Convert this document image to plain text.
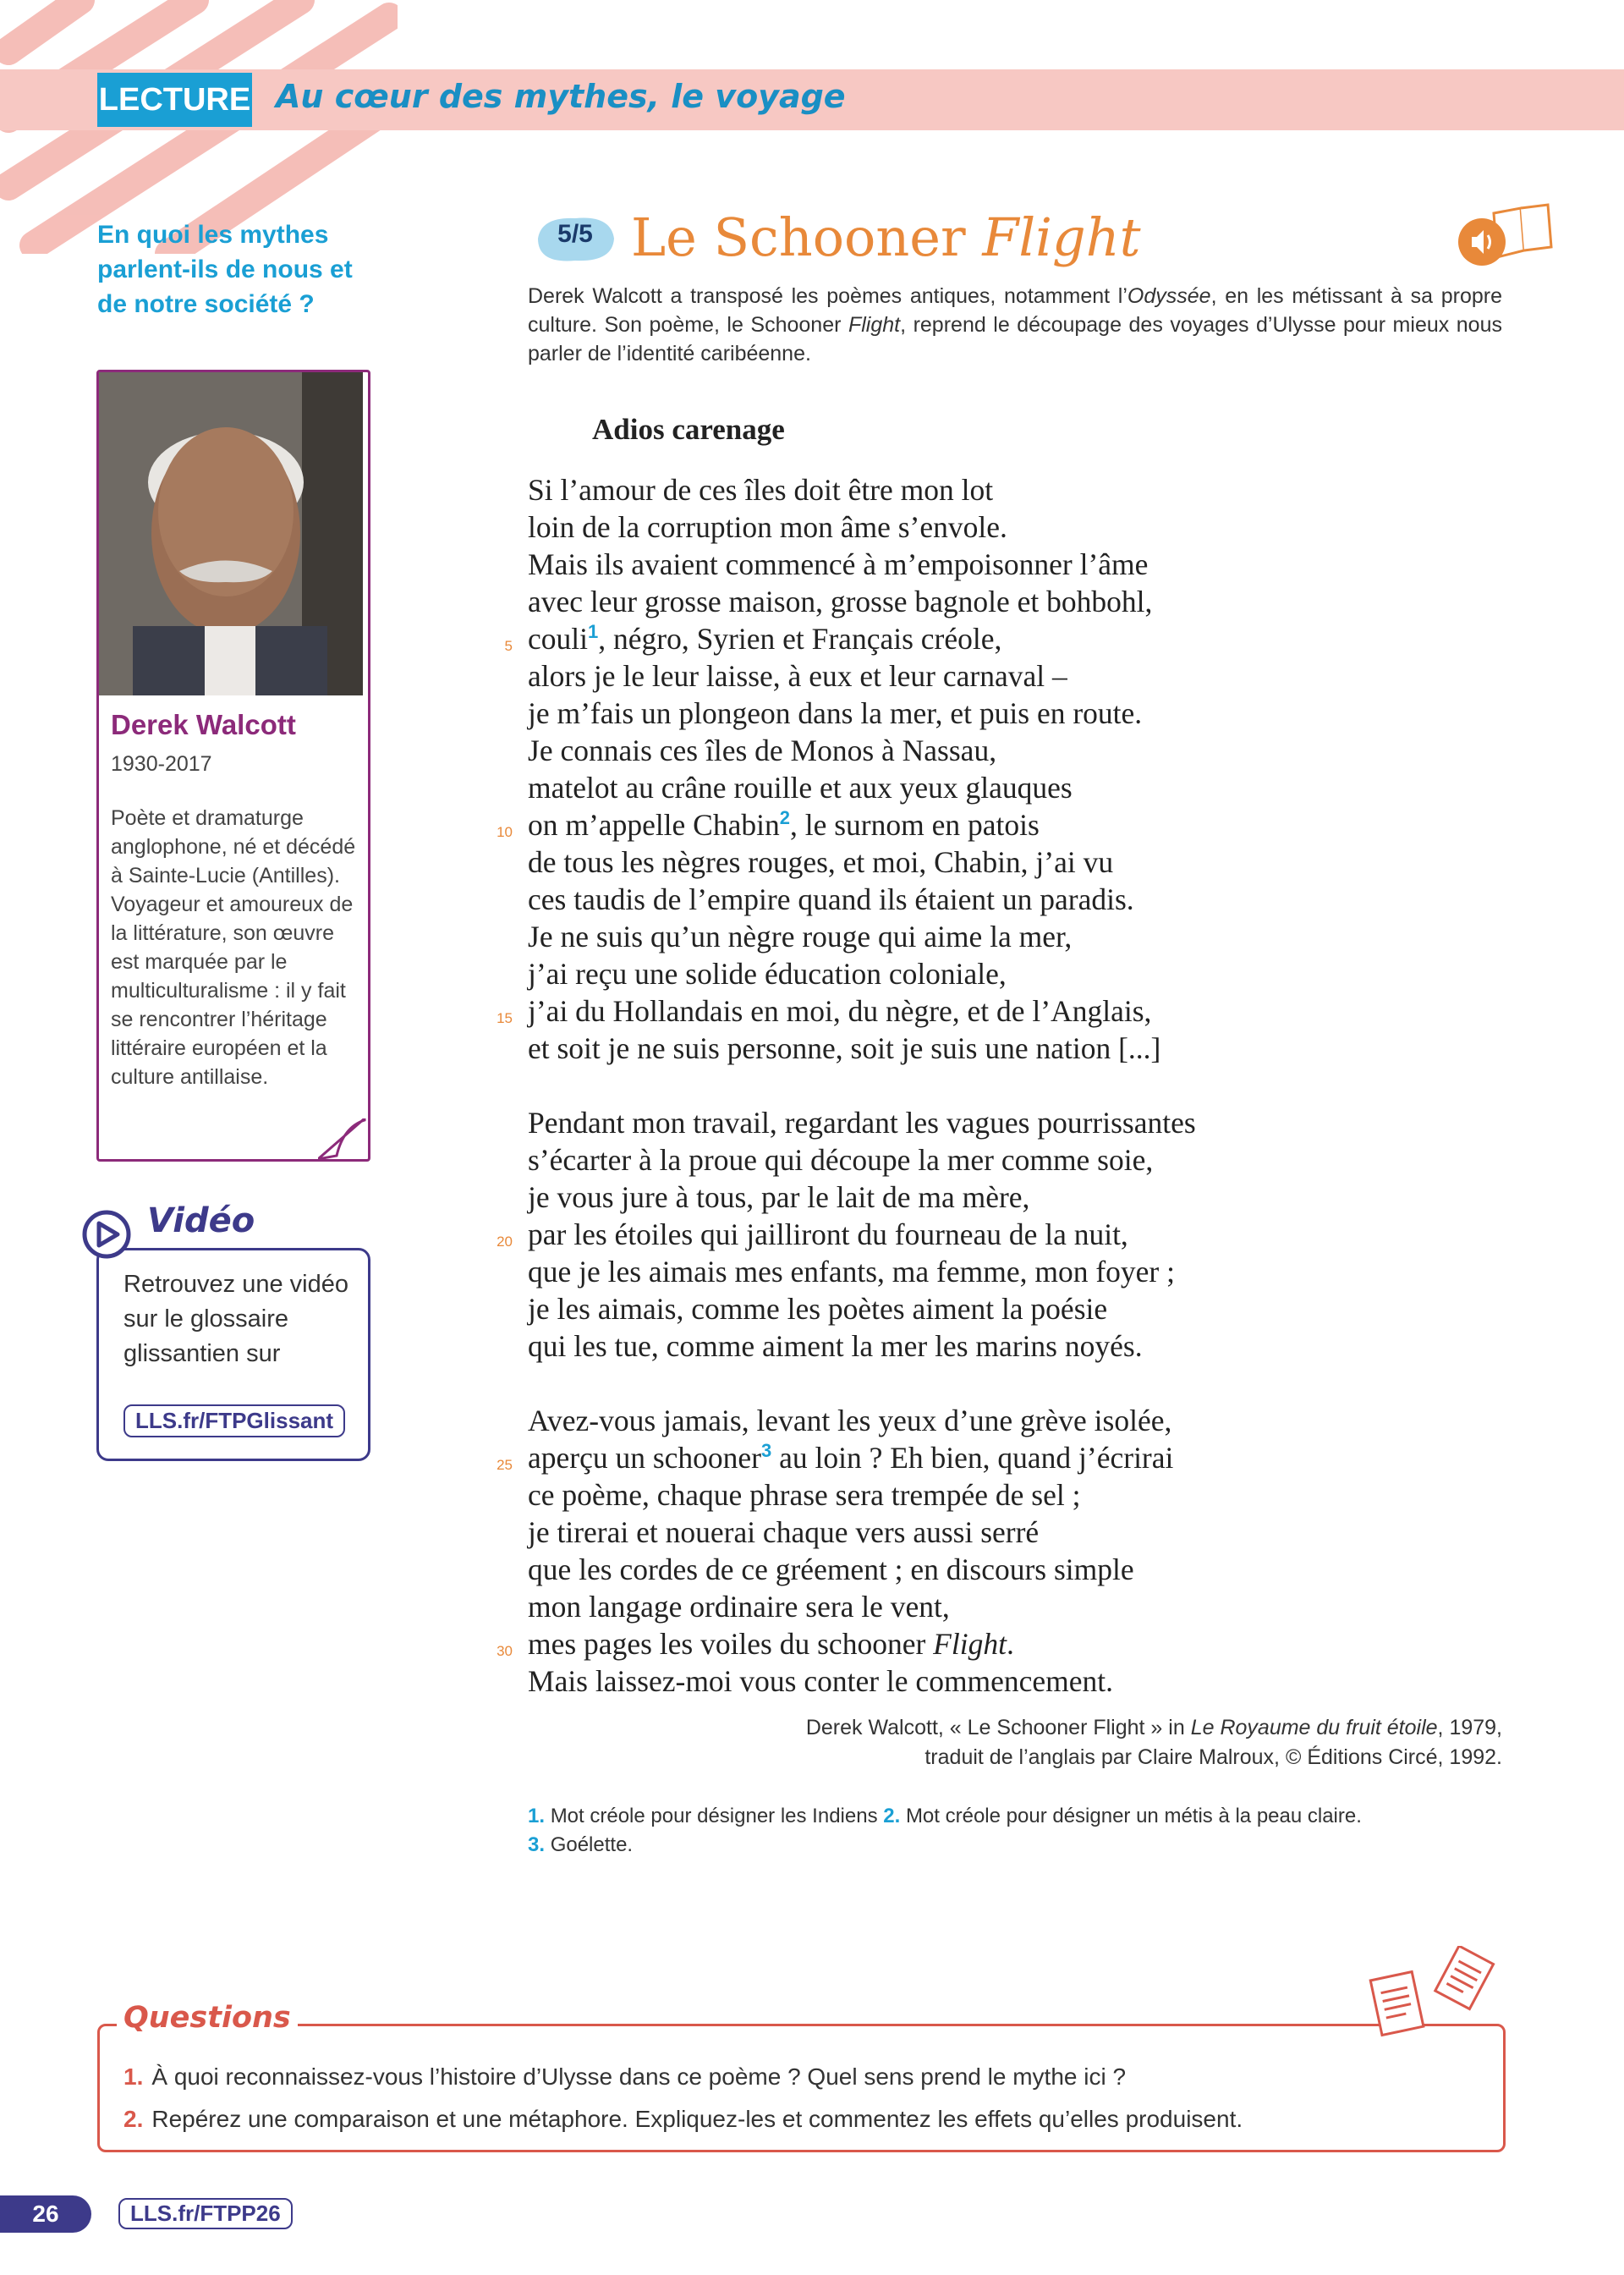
LECTURE Au cœur des mythes, le voyage
En quoi les mythes parlent-ils de nous et de notre société ?
Derek Walcott
1930-2017
Poète et dramaturge anglophone, né et décédé à Sainte-Lucie (Antilles). Voyageur et amoureux de la littérature, son œuvre est marquée par le multiculturalisme : il y fait se rencontrer l’héritage littéraire européen et la culture antillaise.
Vidéo
Retrouvez une vidéo sur le glossaire glissantien sur
LLS.fr/FTPGlissant
5/5 Le Schooner Flight
Derek Walcott a transposé les poèmes antiques, notamment l’Odyssée, en les métissant à sa propre culture. Son poème, le Schooner Flight, reprend le découpage des voyages d’Ulysse pour mieux nous parler de l’identité caribéenne.
Adios carenage
Si l’amour de ces îles doit être mon lot
loin de la corruption mon âme s’envole.
Mais ils avaient commencé à m’empoisonner l’âme
avec leur grosse maison, grosse bagnole et bohbohl,
couli$^1$, négro, Syrien et Français créole,
alors je le leur laisse, à eux et leur carnaval –
je m’fais un plongeon dans la mer, et puis en route.
Je connais ces îles de Monos à Nassau,
matelot au crâne rouille et aux yeux glauques
on m’appelle Chabin$^2$, le surnom en patois
de tous les nègres rouges, et moi, Chabin, j’ai vu
ces taudis de l’empire quand ils étaient un paradis.
Je ne suis qu’un nègre rouge qui aime la mer,
j’ai reçu une solide éducation coloniale,
j’ai du Hollandais en moi, du nègre, et de l’Anglais,
et soit je ne suis personne, soit je suis une nation [...]
Pendant mon travail, regardant les vagues pourrissantes
s’écarter à la proue qui découpe la mer comme soie,
je vous jure à tous, par le lait de ma mère,
par les étoiles qui jailliront du fourneau de la nuit,
que je les aimais mes enfants, ma femme, mon foyer ;
je les aimais, comme les poètes aiment la poésie
qui les tue, comme aiment la mer les marins noyés.
Avez-vous jamais, levant les yeux d’une grève isolée,
aperçu un schooner$^3$ au loin ? Eh bien, quand j’écrirai
ce poème, chaque phrase sera trempée de sel ;
je tirerai et nouerai chaque vers aussi serré
que les cordes de ce gréement ; en discours simple
mon langage ordinaire sera le vent,
mes pages les voiles du schooner Flight.
Mais laissez-moi vous conter le commencement.
5
10
15
20
25
30
Derek Walcott, « Le Schooner Flight » in Le Royaume du fruit étoile, 1979,
traduit de l’anglais par Claire Malroux, © Éditions Circé, 1992.
1. Mot créole pour désigner les Indiens 2. Mot créole pour désigner un métis à la peau claire.
3. Goélette.
Questions
1. À quoi reconnaissez-vous l’histoire d’Ulysse dans ce poème ? Quel sens prend le mythe ici ?
2. Repérez une comparaison et une métaphore. Expliquez-les et commentez les effets qu’elles produisent.
26	LLS.fr/FTPP26
